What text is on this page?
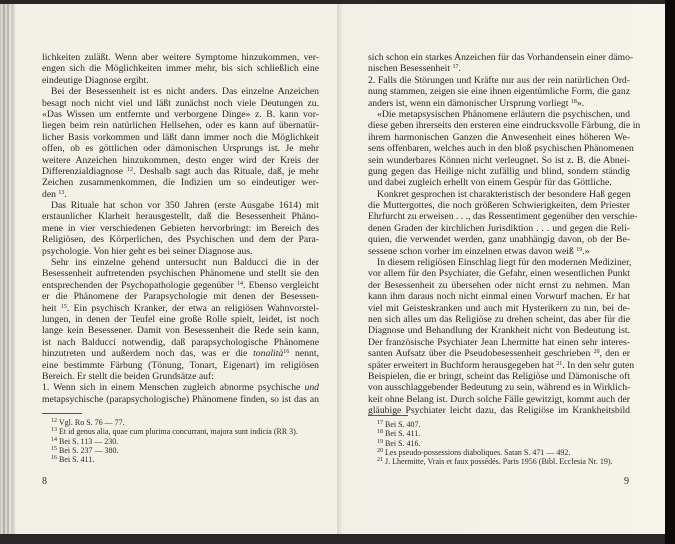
lichkeiten zuläßt. Wenn aber weitere Symptome hinzukommen, ver-
engen sich die Möglichkeiten immer mehr, bis sich schließlich eine
eindeutige Diagnose ergibt.
Bei der Besessenheit ist es nicht anders. Das einzelne Anzeichen
besagt noch nicht viel und läßt zunächst noch viele Deutungen zu.
«Das Wissen um entfernte und verborgene Dinge» z. B. kann vor-
liegen beim rein natürlichen Hellsehen, oder es kann auf übernatür-
licher Basis vorkommen und läßt dann immer noch die Möglichkeit
offen, ob es göttlichen oder dämonischen Ursprungs ist. Je mehr
weitere Anzeichen hinzukommen, desto enger wird der Kreis der
Differenzialdiagnose $^{12}$. Deshalb sagt auch das Rituale, daß, je mehr
Zeichen zusammenkommen, die Indizien um so eindeutiger wer-
den $^{13}$.
Das Rituale hat schon vor 350 Jahren (erste Ausgabe 1614) mit
erstaunlicher Klarheit herausgestellt, daß die Besessenheit Phäno-
mene in vier verschiedenen Gebieten hervorbringt: im Bereich des
Religiösen, des Körperlichen, des Psychischen und dem der Para-
psychologie. Von hier geht es bei seiner Diagnose aus.
Sehr ins einzelne gehend untersucht nun Balducci die in der
Besessenheit auftretenden psychischen Phänomene und stellt sie den
entsprechenden der Psychopathologie gegenüber $^{14}$. Ebenso vergleicht
er die Phänomene der Parapsychologie mit denen der Besessen-
heit $^{15}$. Ein psychisch Kranker, der etwa an religiösen Wahnvorstel-
lungen, in denen der Teufel eine große Rolle spielt, leidet, ist noch
lange kein Besessener. Damit von Besessenheit die Rede sein kann,
ist nach Balducci notwendig, daß parapsychologische Phänomene
hinzutreten und außerdem noch das, was er die tonalità$^{16}$ nennt,
eine bestimmte Färbung (Tönung, Tonart, Eigenart) im religiösen
Bereich. Er stellt die beiden Grundsätze auf:
1. Wenn sich in einem Menschen zugleich abnorme psychische und
metapsychische (parapsychologische) Phänomene finden, so ist das an
$^{12}$ Vgl. Ro S. 76 — 77.
$^{13}$ Et id genus alia, quae cum plurima concurrant, majora sunt indicia (RR 3).
$^{14}$ Bei S. 113 — 230.
$^{15}$ Bei S. 237 — 380.
$^{16}$ Bei S. 411.
8
sich schon ein starkes Anzeichen für das Vorhandensein einer dämo-
nischen Besessenheit $^{17}$.
2. Falls die Störungen und Kräfte nur aus der rein natürlichen Ord-
nung stammen, zeigen sie eine ihnen eigentümliche Form, die ganz
anders ist, wenn ein dämonischer Ursprung vorliegt $^{18}$».
«Die metapsysischen Phänomene erläutern die psychischen, und
diese geben ihrerseits den ersteren eine eindrucksvolle Färbung, die in
ihrem harmonischen Ganzen die Anwesenheit eines höheren We-
sens offenbaren, welches auch in den bloß psychischen Phänomenen
sein wunderbares Können nicht verleugnet. So ist z. B. die Abnei-
gung gegen das Heilige nicht zufällig und blind, sondern ständig
und dabei zugleich erhellt von einem Gespür für das Göttliche.
Konkret gesprochen ist charakteristisch der besondere Haß gegen
die Muttergottes, die noch größeren Schwierigkeiten, dem Priester
Ehrfurcht zu erweisen . . ., das Ressentiment gegenüber den verschie-
denen Graden der kirchlichen Jurisdiktion . . . und gegen die Reli-
quien, die verwendet werden, ganz unabhängig davon, ob der Be-
sessene schon vorher im einzelnen etwas davon weiß $^{19}$.»
In diesem religiösen Einschlag liegt für den modernen Mediziner,
vor allem für den Psychiater, die Gefahr, einen wesentlichen Punkt
der Besessenheit zu übersehen oder nicht ernst zu nehmen. Man
kann ihm daraus noch nicht einmal einen Vorwurf machen. Er hat
viel mit Geisteskranken und auch mit Hysterikern zu tun, bei de-
nen sich alles um das Religiöse zu drehen scheint, das aber für die
Diagnose und Behandlung der Krankheit nicht von Bedeutung ist.
Der französische Psychiater Jean Lhermitte hat einen sehr interes-
santen Aufsatz über die Pseudobesessenheit geschrieben $^{20}$, den er
später erweitert in Buchform herausgegeben hat $^{21}$. In den sehr guten
Beispielen, die er bringt, scheint das Religiöse und Dämonische oft
von ausschlaggebender Bedeutung zu sein, während es in Wirklich-
keit ohne Belang ist. Durch solche Fälle gewitzigt, kommt auch der
gläubige Psychiater leicht dazu, das Religiöse im Krankheitsbild
$^{17}$ Bei S. 407.
$^{18}$ Bei S. 411.
$^{19}$ Bei S. 416.
$^{20}$ Les pseudo-possessions diaboliques. Satan S. 471 — 492.
$^{21}$ J. Lhermitte, Vrais et faux possédés. Paris 1956 (Bibl. Ecclesia Nr. 19).
9
